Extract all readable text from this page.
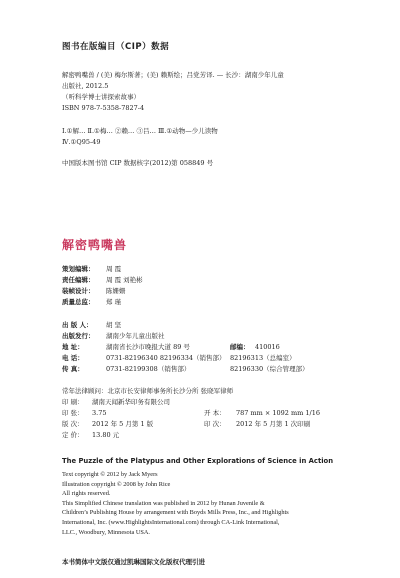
图书在版编目（CIP）数据
解密鸭嘴兽 / (美) 梅尔斯著；(美) 赖斯绘；吕党芳译. — 长沙：湖南少年儿童
出版社, 2012.5
（听科学博士讲探索故事）
ISBN 978-7-5358-7827-4
Ⅰ.①解… Ⅱ.①梅… ②赖… ③吕… Ⅲ.①动物—少儿读物
Ⅳ.①Q95-49
中国版本图书馆 CIP 数据核字(2012)第 058849 号
解密鸭嘴兽
策划编辑： 周 霞
责任编辑： 周 霞 刘艳彬
装帧设计： 陈姗姗
质量总监： 郑 瑾
出 版 人： 胡 坚
出版发行： 湖南少年儿童出版社
地 址：	湖南省长沙市晚报大道 89 号	邮编： 410016
电 话：	0731-82196340 82196334（销售部） 82196313（总编室）
传 真：	0731-82199308（销售部）	82196330（综合管理部）
常年法律顾问：北京市长安律师事务所长沙分所 张晓军律师
印 刷： 湖南天闻新华印务有限公司
印 张： 3.75	开 本： 787 mm × 1092 mm 1/16
版 次： 2012 年 5 月第 1 版	印 次： 2012 年 5 月第 1 次印刷
定 价： 13.80 元
The Puzzle of the Platypus and Other Explorations of Science in Action
Text copyright © 2012 by Jack Myers
Illustration copyright © 2008 by John Rice
All rights reserved.
This Simplified Chinese translation was published in 2012 by Hunan Juvenile &
Children’s Publishing House by arrangement with Boyds Mills Press, Inc., and Highlights
International, Inc. (www.HighlightsInternational.com) through CA-Link International,
LLC., Woodbury, Minnesota USA.
本书简体中文版仅通过凯琳国际文化版权代理引进
